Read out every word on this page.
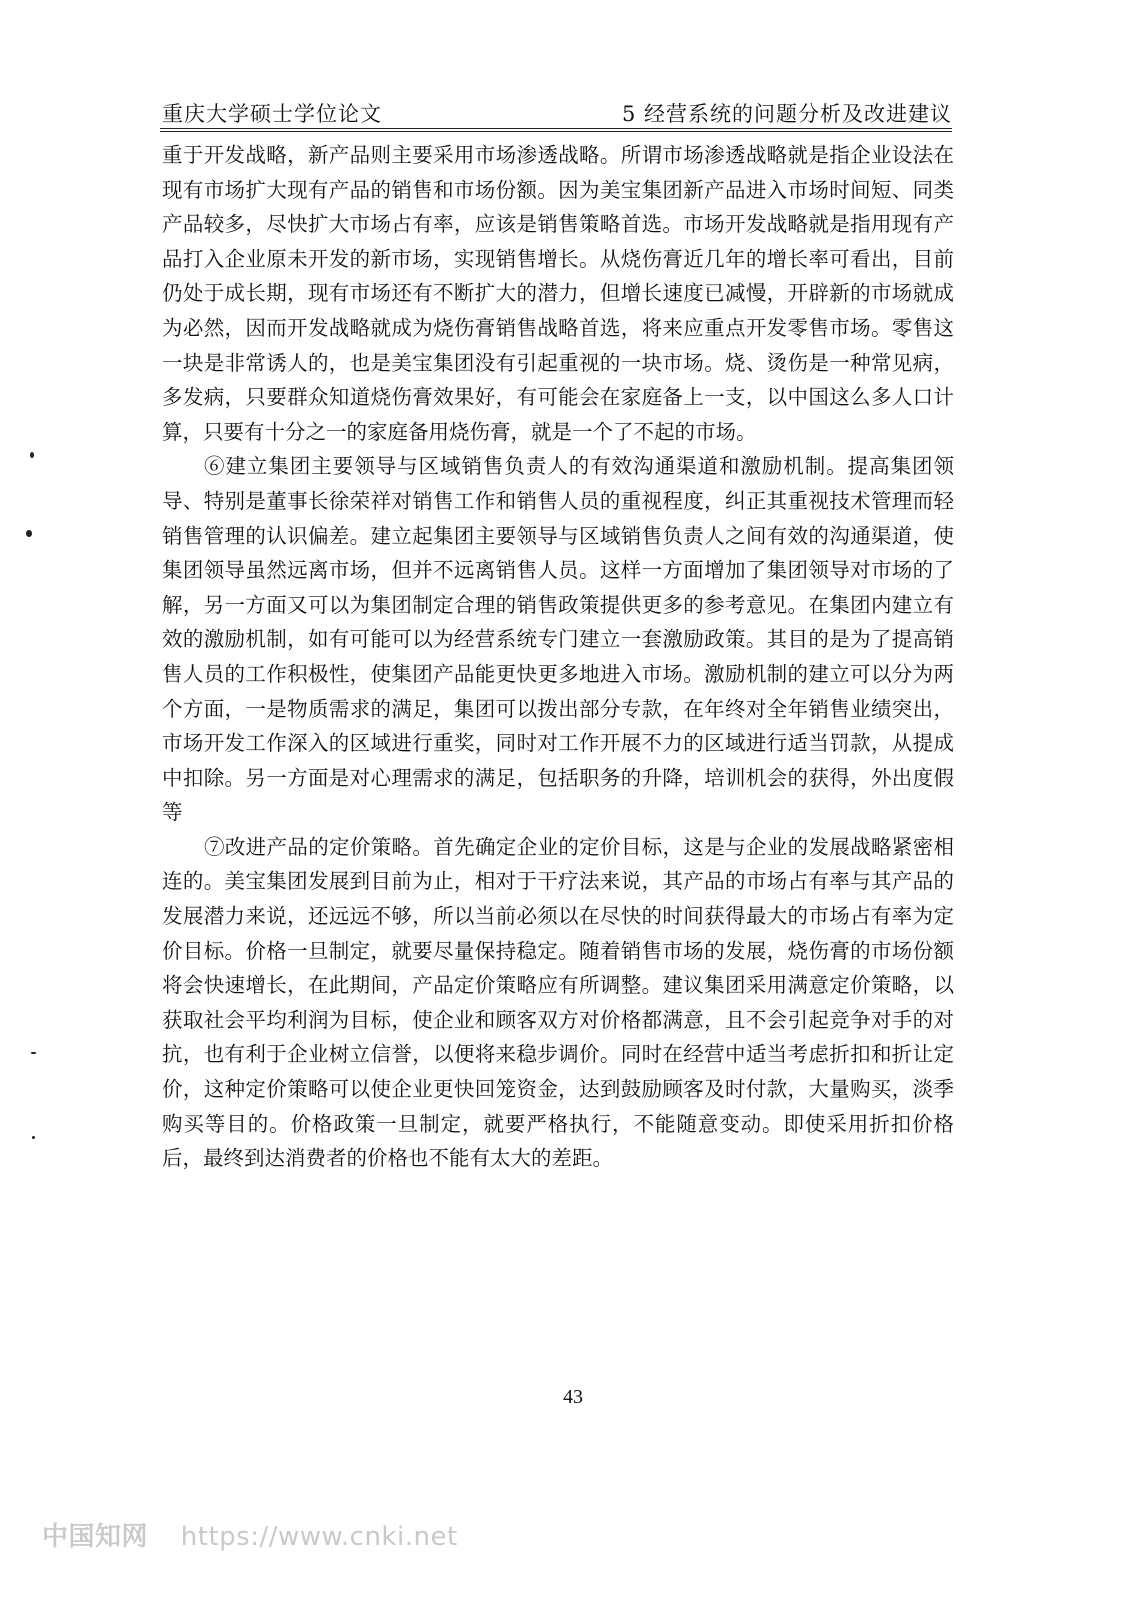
重庆大学硕士学位论文	5 经营系统的问题分析及改进建议

重于开发战略，新产品则主要采用市场渗透战略。所谓市场渗透战略就是指企业设法在现有市场扩大现有产品的销售和市场份额。因为美宝集团新产品进入市场时间短、同类产品较多，尽快扩大市场占有率，应该是销售策略首选。市场开发战略就是指用现有产品打入企业原未开发的新市场，实现销售增长。从烧伤膏近几年的增长率可看出，目前仍处于成长期，现有市场还有不断扩大的潜力，但增长速度已减慢，开辟新的市场就成为必然，因而开发战略就成为烧伤膏销售战略首选，将来应重点开发零售市场。零售这一块是非常诱人的，也是美宝集团没有引起重视的一块市场。烧、烫伤是一种常见病，多发病，只要群众知道烧伤膏效果好，有可能会在家庭备上一支，以中国这么多人口计算，只要有十分之一的家庭备用烧伤膏，就是一个了不起的市场。

⑥建立集团主要领导与区域销售负责人的有效沟通渠道和激励机制。提高集团领导、特别是董事长徐荣祥对销售工作和销售人员的重视程度，纠正其重视技术管理而轻销售管理的认识偏差。建立起集团主要领导与区域销售负责人之间有效的沟通渠道，使集团领导虽然远离市场，但并不远离销售人员。这样一方面增加了集团领导对市场的了解，另一方面又可以为集团制定合理的销售政策提供更多的参考意见。在集团内建立有效的激励机制，如有可能可以为经营系统专门建立一套激励政策。其目的是为了提高销售人员的工作积极性，使集团产品能更快更多地进入市场。激励机制的建立可以分为两个方面，一是物质需求的满足，集团可以拨出部分专款，在年终对全年销售业绩突出，市场开发工作深入的区域进行重奖，同时对工作开展不力的区域进行适当罚款，从提成中扣除。另一方面是对心理需求的满足，包括职务的升降，培训机会的获得，外出度假等

⑦改进产品的定价策略。首先确定企业的定价目标，这是与企业的发展战略紧密相连的。美宝集团发展到目前为止，相对于干疗法来说，其产品的市场占有率与其产品的发展潜力来说，还远远不够，所以当前必须以在尽快的时间获得最大的市场占有率为定价目标。价格一旦制定，就要尽量保持稳定。随着销售市场的发展，烧伤膏的市场份额将会快速增长，在此期间，产品定价策略应有所调整。建议集团采用满意定价策略，以获取社会平均利润为目标，使企业和顾客双方对价格都满意，且不会引起竞争对手的对抗，也有利于企业树立信誉，以便将来稳步调价。同时在经营中适当考虑折扣和折让定价，这种定价策略可以使企业更快回笼资金，达到鼓励顾客及时付款，大量购买，淡季购买等目的。价格政策一旦制定，就要严格执行，不能随意变动。即使采用折扣价格后，最终到达消费者的价格也不能有太大的差距。

43
中国知网 https://www.cnki.net
